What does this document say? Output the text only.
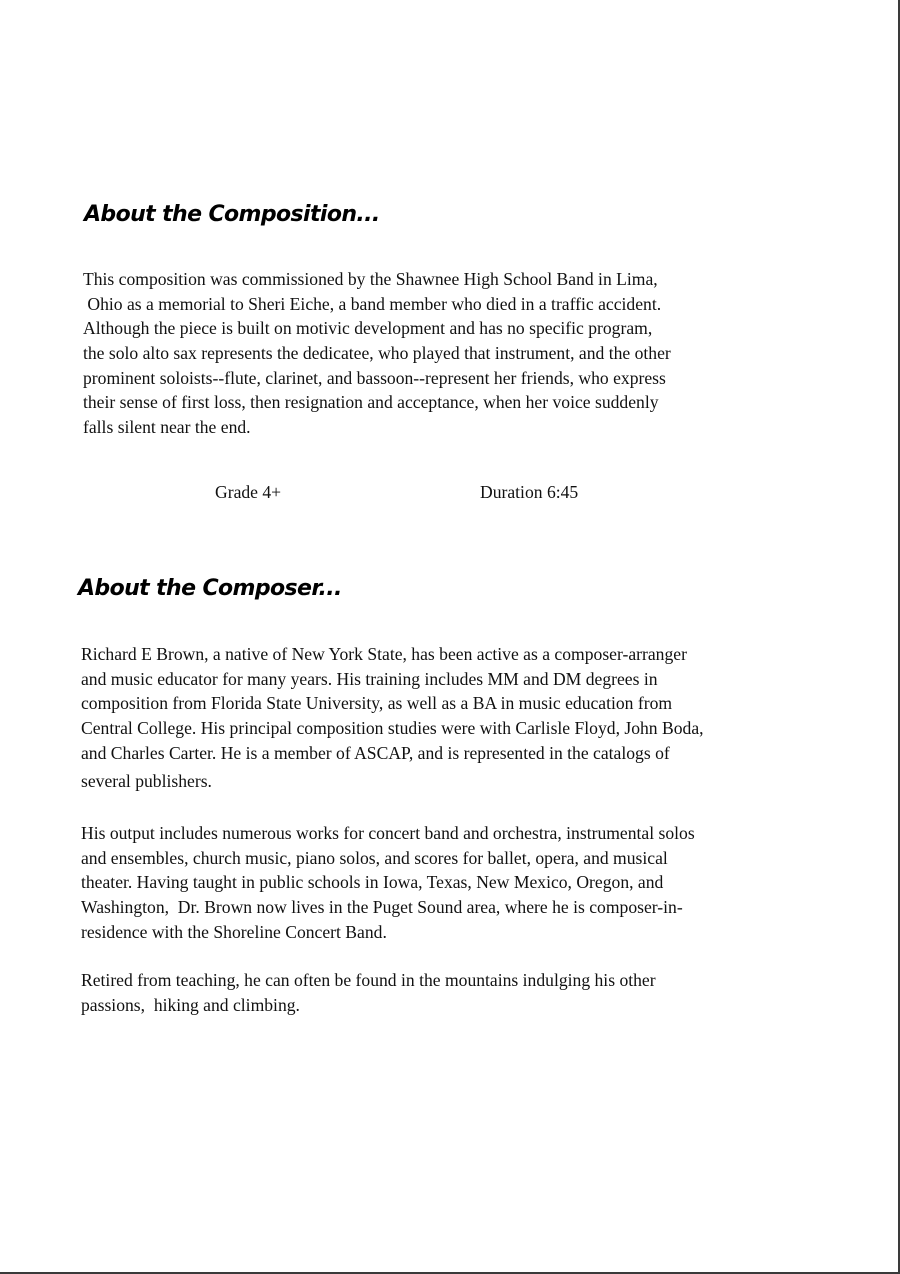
About the Composition...
This composition was commissioned by the Shawnee High School Band in Lima,
Ohio as a memorial to Sheri Eiche, a band member who died in a traffic accident.
Although the piece is built on motivic development and has no specific program,
the solo alto sax represents the dedicatee, who played that instrument, and the other
prominent soloists--flute, clarinet, and bassoon--represent her friends, who express
their sense of first loss, then resignation and acceptance, when her voice suddenly
falls silent near the end.
Grade 4+	Duration 6:45
About the Composer...
Richard E Brown, a native of New York State, has been active as a composer-arranger
and music educator for many years. His training includes MM and DM degrees in
composition from Florida State University, as well as a BA in music education from
Central College. His principal composition studies were with Carlisle Floyd, John Boda,
and Charles Carter. He is a member of ASCAP, and is represented in the catalogs of
several publishers.
His output includes numerous works for concert band and orchestra, instrumental solos
and ensembles, church music, piano solos, and scores for ballet, opera, and musical
theater. Having taught in public schools in Iowa, Texas, New Mexico, Oregon, and
Washington,  Dr. Brown now lives in the Puget Sound area, where he is composer-in-
residence with the Shoreline Concert Band.
Retired from teaching, he can often be found in the mountains indulging his other
passions,  hiking and climbing.
